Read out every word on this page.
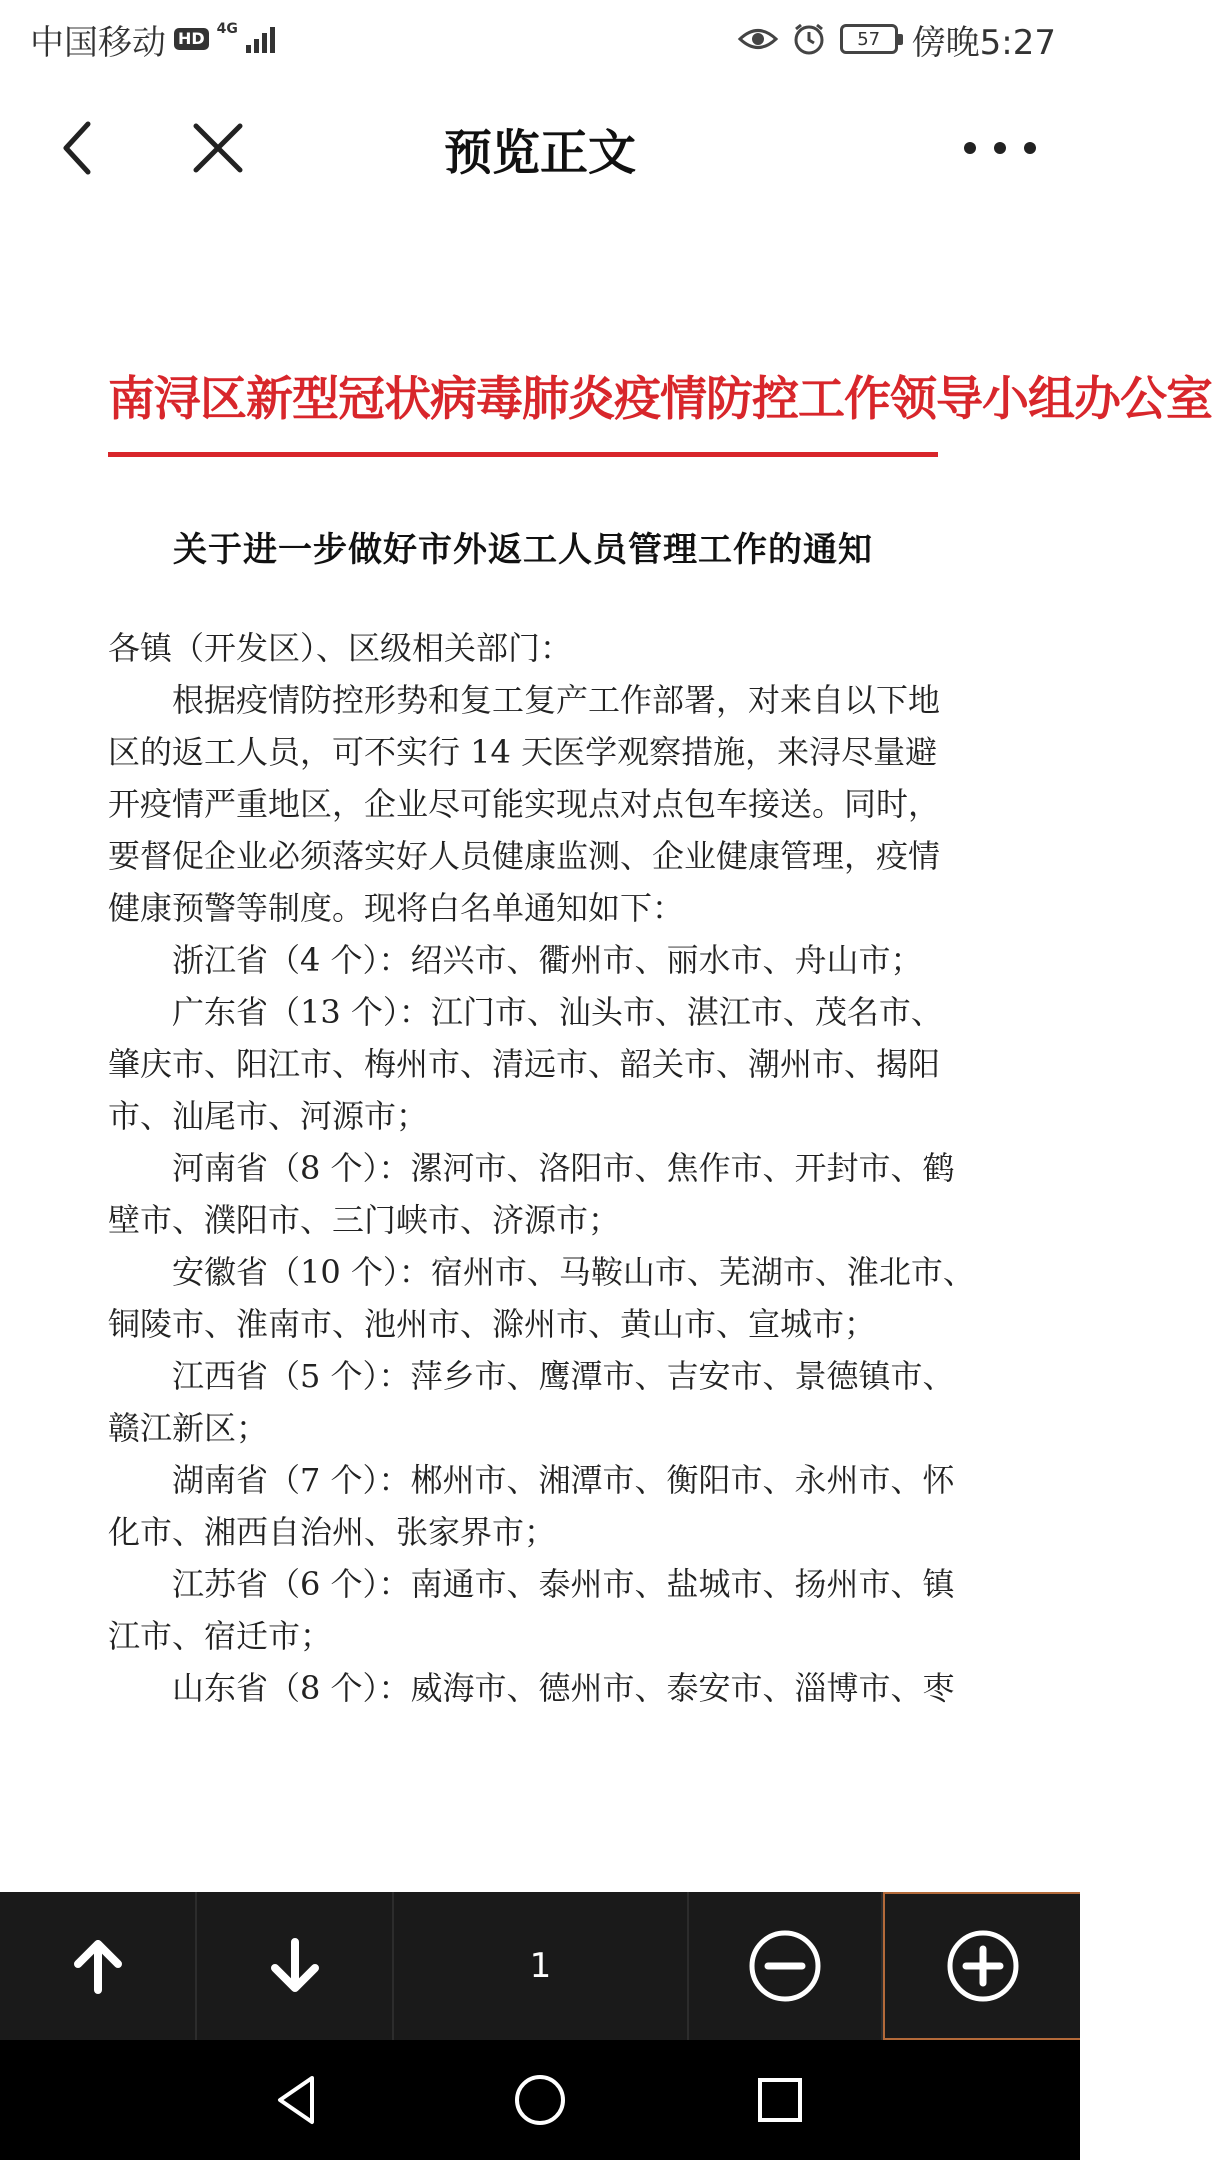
中国移动 HD 4G	57 傍晚5:27
预览正文
南浔区新型冠状病毒肺炎疫情防控工作领导小组办公室
关于进一步做好市外返工人员管理工作的通知
各镇（开发区）、区级相关部门：
根据疫情防控形势和复工复产工作部署，对来自以下地
区的返工人员，可不实行 14 天医学观察措施，来浔尽量避
开疫情严重地区，企业尽可能实现点对点包车接送。同时，
要督促企业必须落实好人员健康监测、企业健康管理，疫情
健康预警等制度。现将白名单通知如下：
浙江省（4 个）：绍兴市、衢州市、丽水市、舟山市；
广东省（13 个）：江门市、汕头市、湛江市、茂名市、
肇庆市、阳江市、梅州市、清远市、韶关市、潮州市、揭阳
市、汕尾市、河源市；
河南省（8 个）：漯河市、洛阳市、焦作市、开封市、鹤
壁市、濮阳市、三门峡市、济源市；
安徽省（10 个）：宿州市、马鞍山市、芜湖市、淮北市、
铜陵市、淮南市、池州市、滁州市、黄山市、宣城市；
江西省（5 个）：萍乡市、鹰潭市、吉安市、景德镇市、
赣江新区；
湖南省（7 个）：郴州市、湘潭市、衡阳市、永州市、怀
化市、湘西自治州、张家界市；
江苏省（6 个）：南通市、泰州市、盐城市、扬州市、镇
江市、宿迁市；
山东省（8 个）：威海市、德州市、泰安市、淄博市、枣
1
